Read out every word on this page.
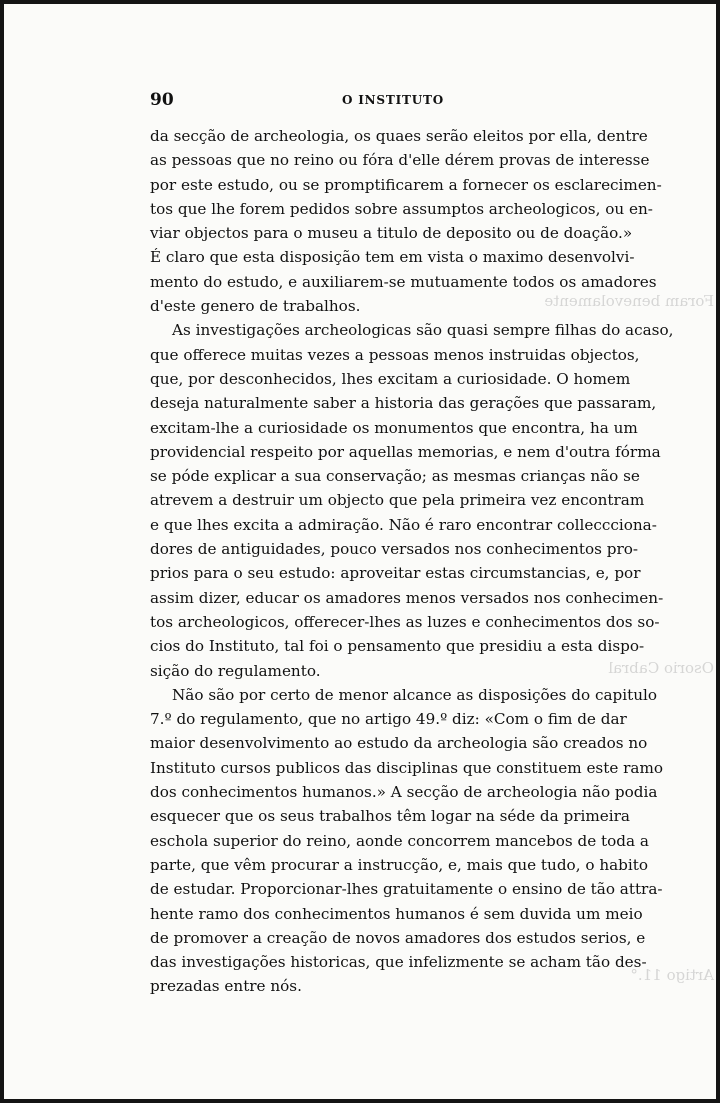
Foram benevolamente
Osorio Cabral
Artigo 11.°
90	O INSTITUTO
da secção de archeologia, os quaes serão eleitos por ella, dentre
as pessoas que no reino ou fóra d'elle dérem provas de interesse
por este estudo, ou se promptificarem a fornecer os esclarecimen-
tos que lhe forem pedidos sobre assumptos archeologicos, ou en-
viar objectos para o museu a titulo de deposito ou de doação.»
É claro que esta disposição tem em vista o maximo desenvolvi-
mento do estudo, e auxiliarem-se mutuamente todos os amadores
d'este genero de trabalhos.
As investigações archeologicas são quasi sempre filhas do acaso,
que offerece muitas vezes a pessoas menos instruidas objectos,
que, por desconhecidos, lhes excitam a curiosidade. O homem
deseja naturalmente saber a historia das gerações que passaram,
excitam-lhe a curiosidade os monumentos que encontra, ha um
providencial respeito por aquellas memorias, e nem d'outra fórma
se póde explicar a sua conservação; as mesmas crianças não se
atrevem a destruir um objecto que pela primeira vez encontram
e que lhes excita a admiração. Não é raro encontrar colleccciona-
dores de antiguidades, pouco versados nos conhecimentos pro-
prios para o seu estudo: aproveitar estas circumstancias, e, por
assim dizer, educar os amadores menos versados nos conhecimen-
tos archeologicos, offerecer-lhes as luzes e conhecimentos dos so-
cios do Instituto, tal foi o pensamento que presidiu a esta dispo-
sição do regulamento.
Não são por certo de menor alcance as disposições do capitulo
7.º do regulamento, que no artigo 49.º diz: «Com o fim de dar
maior desenvolvimento ao estudo da archeologia são creados no
Instituto cursos publicos das disciplinas que constituem este ramo
dos conhecimentos humanos.» A secção de archeologia não podia
esquecer que os seus trabalhos têm logar na séde da primeira
eschola superior do reino, aonde concorrem mancebos de toda a
parte, que vêm procurar a instrucção, e, mais que tudo, o habito
de estudar. Proporcionar-lhes gratuitamente o ensino de tão attra-
hente ramo dos conhecimentos humanos é sem duvida um meio
de promover a creação de novos amadores dos estudos serios, e
das investigações historicas, que infelizmente se acham tão des-
prezadas entre nós.
